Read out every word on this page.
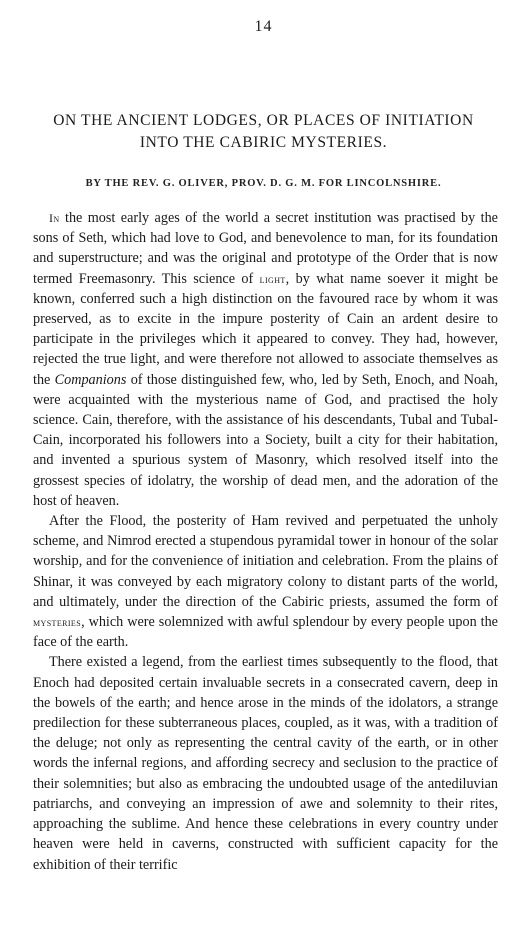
14
ON THE ANCIENT LODGES, OR PLACES OF INITIATION
INTO THE CABIRIC MYSTERIES.
BY THE REV. G. OLIVER, PROV. D. G. M. FOR LINCOLNSHIRE.

In the most early ages of the world a secret institution was practised by the sons of Seth, which had love to God, and benevolence to man, for its foundation and superstructure; and was the original and prototype of the Order that is now termed Freemasonry. This science of light, by what name soever it might be known, conferred such a high distinction on the favoured race by whom it was preserved, as to excite in the impure posterity of Cain an ardent desire to participate in the privileges which it appeared to convey. They had, however, rejected the true light, and were therefore not allowed to associate themselves as the Companions of those distinguished few, who, led by Seth, Enoch, and Noah, were acquainted with the mysterious name of God, and practised the holy science. Cain, therefore, with the assistance of his descendants, Tubal and Tubal-Cain, incorporated his followers into a Society, built a city for their habitation, and invented a spurious system of Masonry, which resolved itself into the grossest species of idolatry, the worship of dead men, and the adoration of the host of heaven.

After the Flood, the posterity of Ham revived and perpetuated the unholy scheme, and Nimrod erected a stupendous pyramidal tower in honour of the solar worship, and for the convenience of initiation and celebration. From the plains of Shinar, it was conveyed by each migratory colony to distant parts of the world, and ultimately, under the direction of the Cabiric priests, assumed the form of mysteries, which were solemnized with awful splendour by every people upon the face of the earth.

There existed a legend, from the earliest times subsequently to the flood, that Enoch had deposited certain invaluable secrets in a consecrated cavern, deep in the bowels of the earth; and hence arose in the minds of the idolators, a strange predilection for these subterraneous places, coupled, as it was, with a tradition of the deluge; not only as representing the central cavity of the earth, or in other words the infernal regions, and affording secrecy and seclusion to the practice of their solemnities; but also as embracing the undoubted usage of the antediluvian patriarchs, and conveying an impression of awe and solemnity to their rites, approaching the sublime. And hence these celebrations in every country under heaven were held in caverns, constructed with sufficient capacity for the exhibition of their terrific
